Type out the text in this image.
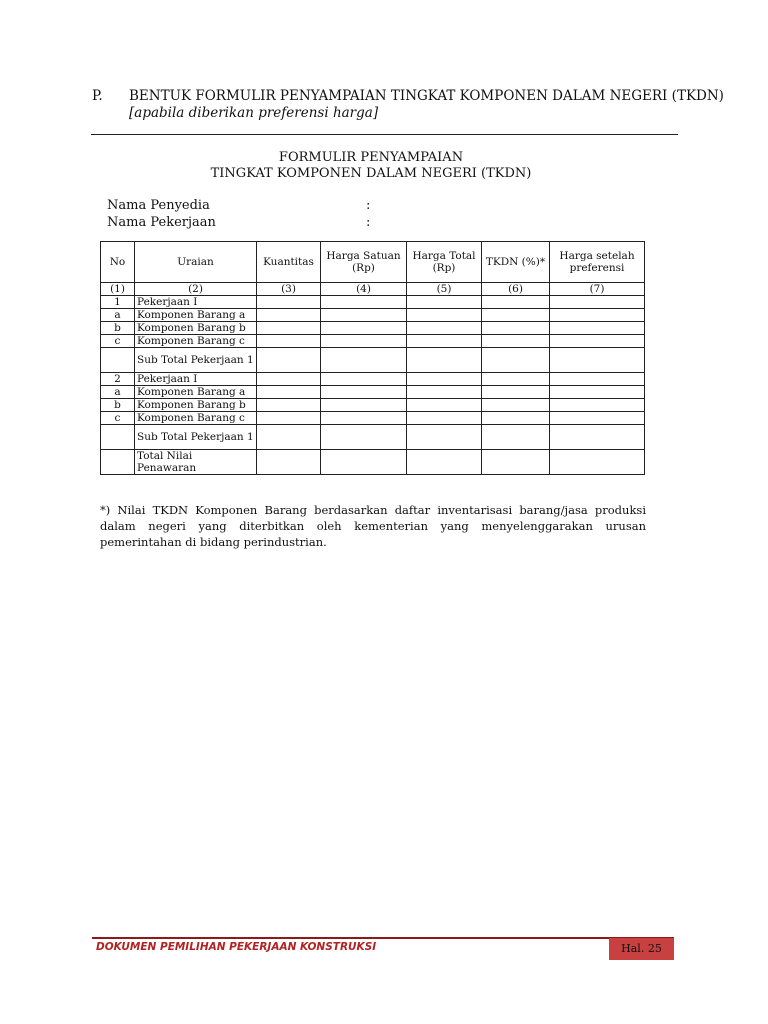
P. BENTUK FORMULIR PENYAMPAIAN TINGKAT KOMPONEN DALAM NEGERI (TKDN)
[apabila diberikan preferensi harga]
FORMULIR PENYAMPAIAN
TINGKAT KOMPONEN DALAM NEGERI (TKDN)
Nama Penyedia	:
Nama Pekerjaan	:
No	Uraian	Kuantitas	Harga Satuan (Rp)	Harga Total (Rp)	TKDN (%)*	Harga setelah preferensi
(1)	(2)	(3)	(4)	(5)	(6)	(7)
1	Pekerjaan I					
a	Komponen Barang a					
b	Komponen Barang b					
c	Komponen Barang c					
	Sub Total Pekerjaan 1					
2	Pekerjaan I					
a	Komponen Barang a					
b	Komponen Barang b					
c	Komponen Barang c					
	Sub Total Pekerjaan 1					
	Total Nilai Penawaran					
*) Nilai TKDN Komponen Barang berdasarkan daftar inventarisasi barang/jasa produksi dalam negeri yang diterbitkan oleh kementerian yang menyelenggarakan urusan pemerintahan di bidang perindustrian.
DOKUMEN PEMILIHAN PEKERJAAN KONSTRUKSI	Hal. 25
